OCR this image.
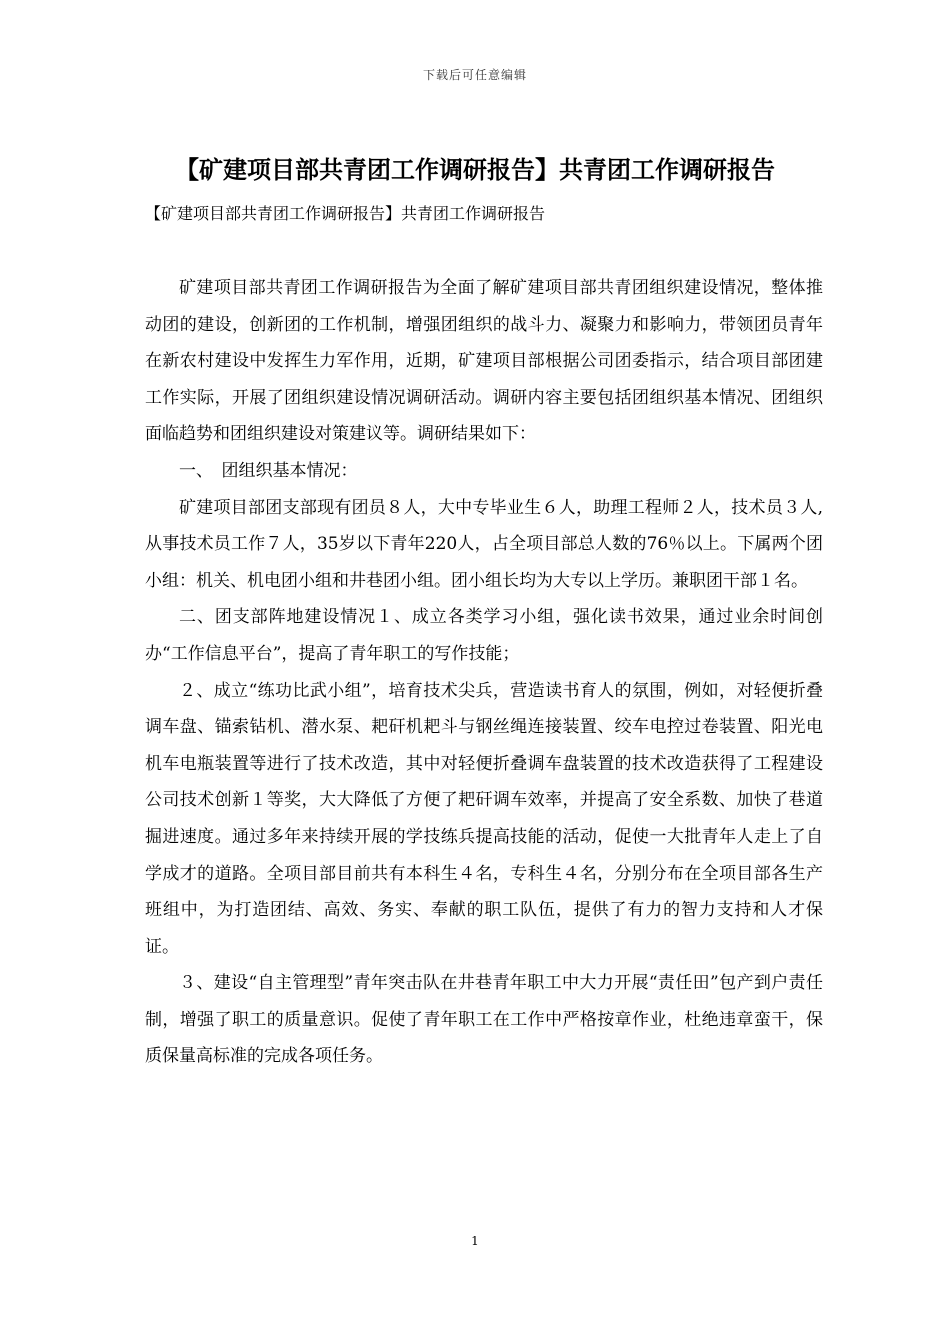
下载后可任意编辑
【矿建项目部共青团工作调研报告】共青团工作调研报告
【矿建项目部共青团工作调研报告】共青团工作调研报告

矿建项目部共青团工作调研报告为全面了解矿建项目部共青团组织建设情况，整体推动团的建设，创新团的工作机制，增强团组织的战斗力、凝聚力和影响力，带领团员青年在新农村建设中发挥生力军作用，近期，矿建项目部根据公司团委指示，结合项目部团建工作实际，开展了团组织建设情况调研活动。调研内容主要包括团组织基本情况、团组织面临趋势和团组织建设对策建议等。调研结果如下：

一、　团组织基本情况：

矿建项目部团支部现有团员８人，大中专毕业生６人，助理工程师２人，技术员３人,从事技术员工作７人，35岁以下青年220人，占全项目部总人数的76％以上。下属两个团小组：机关、机电团小组和井巷团小组。团小组长均为大专以上学历。兼职团干部１名。

二、团支部阵地建设情况１、成立各类学习小组，强化读书效果，通过业余时间创办“工作信息平台”，提高了青年职工的写作技能；

２、成立“练功比武小组”，培育技术尖兵，营造读书育人的氛围，例如，对轻便折叠调车盘、锚索钻机、潜水泵、耙矸机耙斗与钢丝绳连接装置、绞车电控过卷装置、阳光电机车电瓶装置等进行了技术改造，其中对轻便折叠调车盘装置的技术改造获得了工程建设公司技术创新１等奖，大大降低了方便了耙矸调车效率，并提高了安全系数、加快了巷道掘进速度。通过多年来持续开展的学技练兵提高技能的活动，促使一大批青年人走上了自学成才的道路。全项目部目前共有本科生４名，专科生４名，分别分布在全项目部各生产班组中，为打造团结、高效、务实、奉献的职工队伍，提供了有力的智力支持和人才保证。

３、建设“自主管理型”青年突击队在井巷青年职工中大力开展“责任田”包产到户责任制，增强了职工的质量意识。促使了青年职工在工作中严格按章作业，杜绝违章蛮干，保质保量高标准的完成各项任务。

1
